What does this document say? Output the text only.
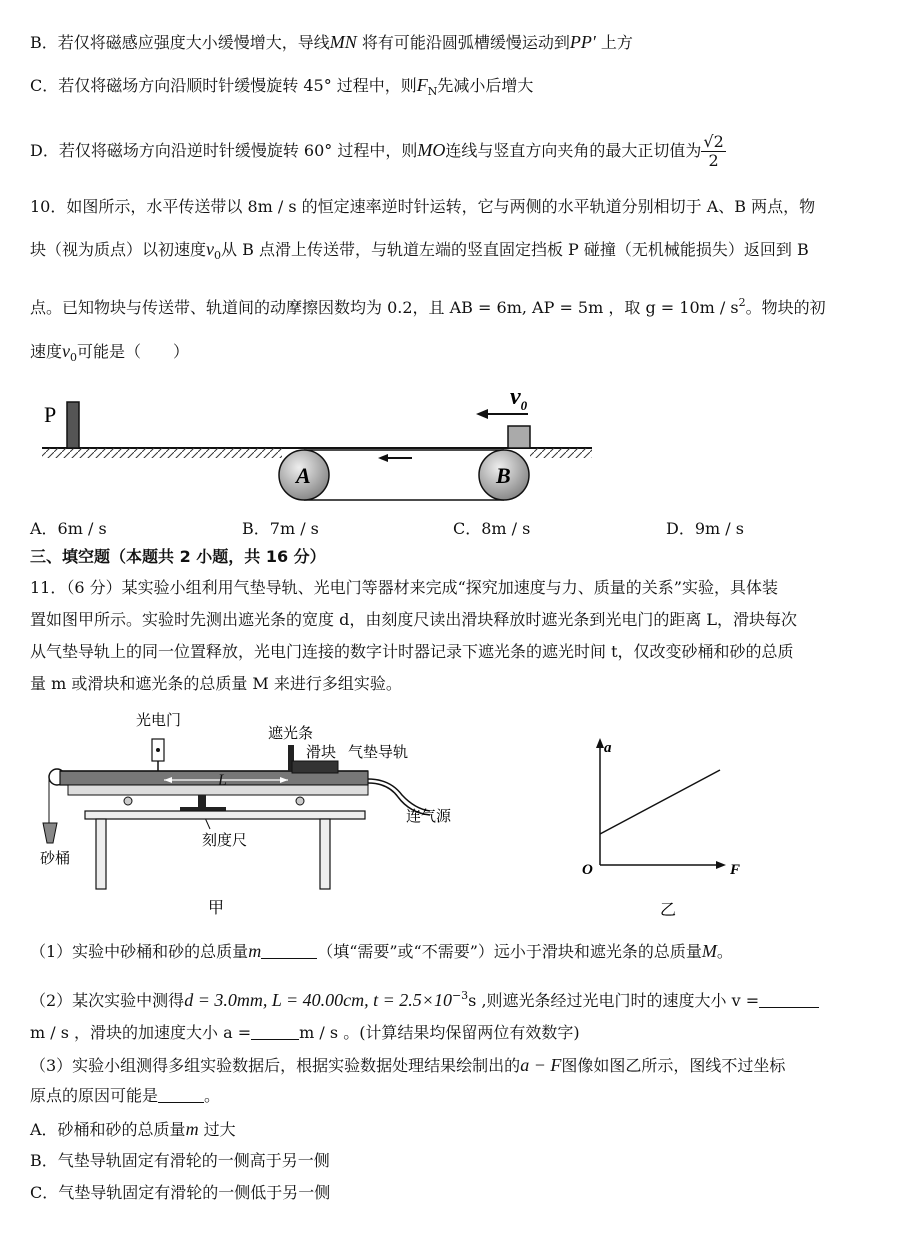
B．若仅将磁感应强度大小缓慢增大，导线MN 将有可能沿圆弧槽缓慢运动到PP′ 上方
C．若仅将磁场方向沿顺时针缓慢旋转 45° 过程中，则$F_N$先减小后增大
D．若仅将磁场方向沿逆时针缓慢旋转 60° 过程中，则MO连线与竖直方向夹角的最大正切值为 $\frac{√2}{2}$
10．如图所示，水平传送带以 8m / s 的恒定速率逆时针运转，它与两侧的水平轨道分别相切于 A、B 两点，物
块（视为质点）以初速度$v_0$从 B 点滑上传送带，与轨道左端的竖直固定挡板 P 碰撞（无机械能损失）返回到 B
点。已知物块与传送带、轨道间的动摩擦因数均为 0.2，且 AB = 6m, AP = 5m ，取 $g = 10m / s^2$。物块的初
速度$v_0$可能是（　　）
P
A	B
$v_0$
A．6m / s	B．7m / s	C．8m / s	D．9m / s
三、填空题（本题共 2 小题，共 16 分）
11．（6 分）某实验小组利用气垫导轨、光电门等器材来完成“探究加速度与力、质量的关系”实验，具体装
置如图甲所示。实验时先测出遮光条的宽度 d，由刻度尺读出滑块释放时遮光条到光电门的距离 L，滑块每次
从气垫导轨上的同一位置释放，光电门连接的数字计时器记录下遮光条的遮光时间 t，仅改变砂桶和砂的总质
量 m 或滑块和遮光条的总质量 M 来进行多组实验。
砂桶
连气源
光电门
遮光条
滑块 气垫导轨
L
刻度尺
甲
a
F
O
乙
（1）实验中砂桶和砂的总质量m	（填“需要”或“不需要”）远小于滑块和遮光条的总质量M。
（2）某次实验中测得d = 3.0mm, L = 40.00cm, $t = 2.5\times 10^{-3}s$ ,则遮光条经过光电门时的速度大小 v =
m / s ，滑块的加速度大小 a =	m / s 。(计算结果均保留两位有效数字)
（3）实验小组测得多组实验数据后，根据实验数据处理结果绘制出的a − F图像如图乙所示，图线不过坐标
原点的原因可能是	。
A．砂桶和砂的总质量m 过大
B．气垫导轨固定有滑轮的一侧高于另一侧
C．气垫导轨固定有滑轮的一侧低于另一侧
